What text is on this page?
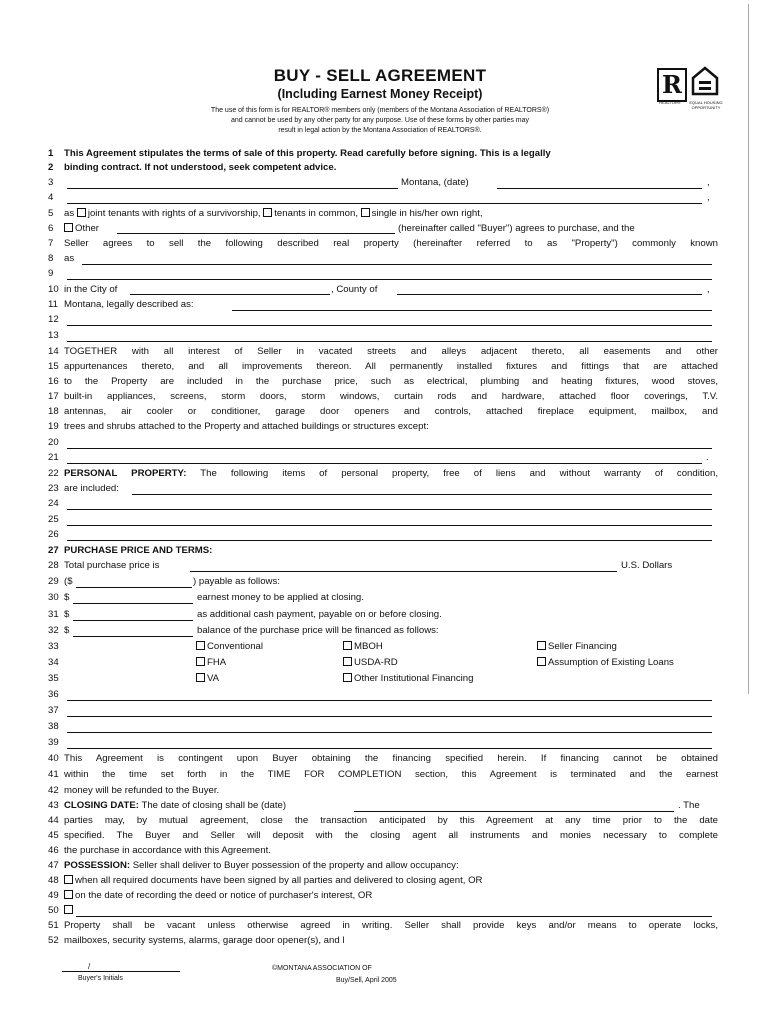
BUY - SELL AGREEMENT
(Including Earnest Money Receipt)
The use of this form is for REALTOR® members only (members of the Montana Association of REALTORS®)
and cannot be used by any other party for any purpose. Use of these forms by other parties may
result in legal action by the Montana Association of REALTORS®.
R
REALTOR®	EQUAL HOUSING OPPORTUNITY
1 This Agreement stipulates the terms of sale of this property. Read carefully before signing. This is a legally
2 binding contract. If not understood, seek competent advice.
3	Montana, (date)	,
4	,
5 as joint tenants with rights of a survivorship, tenants in common, single in his/her own right,
6 Other	(hereinafter called "Buyer") agrees to purchase, and the
7 Seller agrees to sell the following described real property (hereinafter referred to as "Property") commonly known
8 as
9
10 in the City of	, County of	,
11 Montana, legally described as:
12
13
14 TOGETHER with all interest of Seller in vacated streets and alleys adjacent thereto, all easements and other
15 appurtenances thereto, and all improvements thereon. All permanently installed fixtures and fittings that are attached
16 to the Property are included in the purchase price, such as electrical, plumbing and heating fixtures, wood stoves,
17 built-in appliances, screens, storm doors, storm windows, curtain rods and hardware, attached floor coverings, T.V.
18 antennas, air cooler or conditioner, garage door openers and controls, attached fireplace equipment, mailbox, and
19 trees and shrubs attached to the Property and attached buildings or structures except:
20
21	.
22 PERSONAL PROPERTY: The following items of personal property, free of liens and without warranty of condition,
23 are included:
24
25
26
27 PURCHASE PRICE AND TERMS:
28 Total purchase price is	U.S. Dollars
29 ($	) payable as follows:
30 $	earnest money to be applied at closing.
31 $	as additional cash payment, payable on or before closing.
32 $	balance of the purchase price will be financed as follows:
33
34
35
Conventional	MBOH	Seller Financing
FHA	USDA-RD	Assumption of Existing Loans
VA	Other Institutional Financing
36
37
38
39
40 This Agreement is contingent upon Buyer obtaining the financing specified herein. If financing cannot be obtained
41 within the time set forth in the TIME FOR COMPLETION section, this Agreement is terminated and the earnest
42 money will be refunded to the Buyer.
43 CLOSING DATE: The date of closing shall be (date)	. The
44 parties may, by mutual agreement, close the transaction anticipated by this Agreement at any time prior to the date
45 specified. The Buyer and Seller will deposit with the closing agent all instruments and monies necessary to complete
46 the purchase in accordance with this Agreement.
47 POSSESSION: Seller shall deliver to Buyer possession of the property and allow occupancy:
48 when all required documents have been signed by all parties and delivered to closing agent, OR
49 on the date of recording the deed or notice of purchaser's interest, OR
50
51 Property shall be vacant unless otherwise agreed in writing. Seller shall provide keys and/or means to operate locks,
52 mailboxes, security systems, alarms, garage door opener(s), and l
/
Buyer's Initials
©MONTANA ASSOCIATION OF
Buy/Sell, April 2005
